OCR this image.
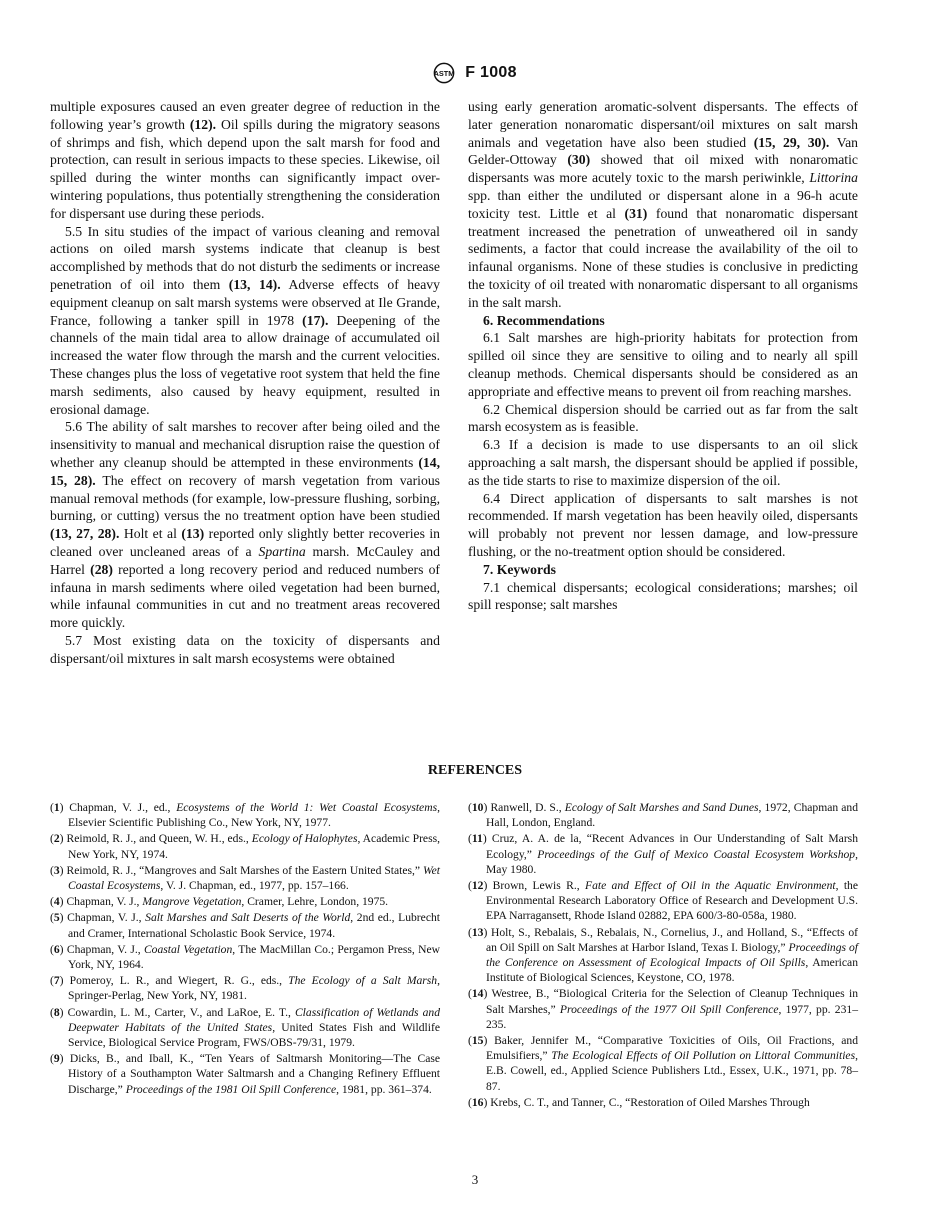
ASTM F 1008

multiple exposures caused an even greater degree of reduction in the following year’s growth (12). Oil spills during the migratory seasons of shrimps and fish, which depend upon the salt marsh for food and protection, can result in serious impacts to these species. Likewise, oil spilled during the winter months can significantly impact over-wintering populations, thus potentially strengthening the consideration for dispersant use during these periods.

5.5 In situ studies of the impact of various cleaning and removal actions on oiled marsh systems indicate that cleanup is best accomplished by methods that do not disturb the sediments or increase penetration of oil into them (13, 14). Adverse effects of heavy equipment cleanup on salt marsh systems were observed at Ile Grande, France, following a tanker spill in 1978 (17). Deepening of the channels of the main tidal area to allow drainage of accumulated oil increased the water flow through the marsh and the current velocities. These changes plus the loss of vegetative root system that held the fine marsh sediments, also caused by heavy equipment, resulted in erosional damage.

5.6 The ability of salt marshes to recover after being oiled and the insensitivity to manual and mechanical disruption raise the question of whether any cleanup should be attempted in these environments (14, 15, 28). The effect on recovery of marsh vegetation from various manual removal methods (for example, low-pressure flushing, sorbing, burning, or cutting) versus the no treatment option have been studied (13, 27, 28). Holt et al (13) reported only slightly better recoveries in cleaned over uncleaned areas of a Spartina marsh. McCauley and Harrel (28) reported a long recovery period and reduced numbers of infauna in marsh sediments where oiled vegetation had been burned, while infaunal communities in cut and no treatment areas recovered more quickly.

5.7 Most existing data on the toxicity of dispersants and dispersant/oil mixtures in salt marsh ecosystems were obtained

using early generation aromatic-solvent dispersants. The effects of later generation nonaromatic dispersant/oil mixtures on salt marsh animals and vegetation have also been studied (15, 29, 30). Van Gelder-Ottoway (30) showed that oil mixed with nonaromatic dispersants was more acutely toxic to the marsh periwinkle, Littorina spp. than either the undiluted or dispersant alone in a 96-h acute toxicity test. Little et al (31) found that nonaromatic dispersant treatment increased the penetration of unweathered oil in sandy sediments, a factor that could increase the availability of the oil to infaunal organisms. None of these studies is conclusive in predicting the toxicity of oil treated with nonaromatic dispersant to all organisms in the salt marsh.

6. Recommendations

6.1 Salt marshes are high-priority habitats for protection from spilled oil since they are sensitive to oiling and to nearly all spill cleanup methods. Chemical dispersants should be considered as an appropriate and effective means to prevent oil from reaching marshes.

6.2 Chemical dispersion should be carried out as far from the salt marsh ecosystem as is feasible.

6.3 If a decision is made to use dispersants to an oil slick approaching a salt marsh, the dispersant should be applied if possible, as the tide starts to rise to maximize dispersion of the oil.

6.4 Direct application of dispersants to salt marshes is not recommended. If marsh vegetation has been heavily oiled, dispersants will probably not prevent nor lessen damage, and low-pressure flushing, or the no-treatment option should be considered.

7. Keywords

7.1 chemical dispersants; ecological considerations; marshes; oil spill response; salt marshes

REFERENCES
(1) Chapman, V. J., ed., Ecosystems of the World 1: Wet Coastal Ecosystems, Elsevier Scientific Publishing Co., New York, NY, 1977.
(2) Reimold, R. J., and Queen, W. H., eds., Ecology of Halophytes, Academic Press, New York, NY, 1974.
(3) Reimold, R. J., “Mangroves and Salt Marshes of the Eastern United States,” Wet Coastal Ecosystems, V. J. Chapman, ed., 1977, pp. 157–166.
(4) Chapman, V. J., Mangrove Vegetation, Cramer, Lehre, London, 1975.
(5) Chapman, V. J., Salt Marshes and Salt Deserts of the World, 2nd ed., Lubrecht and Cramer, International Scholastic Book Service, 1974.
(6) Chapman, V. J., Coastal Vegetation, The MacMillan Co.; Pergamon Press, New York, NY, 1964.
(7) Pomeroy, L. R., and Wiegert, R. G., eds., The Ecology of a Salt Marsh, Springer-Perlag, New York, NY, 1981.
(8) Cowardin, L. M., Carter, V., and LaRoe, E. T., Classification of Wetlands and Deepwater Habitats of the United States, United States Fish and Wildlife Service, Biological Service Program, FWS/OBS-79/31, 1979.
(9) Dicks, B., and Iball, K., “Ten Years of Saltmarsh Monitoring—The Case History of a Southampton Water Saltmarsh and a Changing Refinery Effluent Discharge,” Proceedings of the 1981 Oil Spill Conference, 1981, pp. 361–374.
(10) Ranwell, D. S., Ecology of Salt Marshes and Sand Dunes, 1972, Chapman and Hall, London, England.
(11) Cruz, A. A. de la, “Recent Advances in Our Understanding of Salt Marsh Ecology,” Proceedings of the Gulf of Mexico Coastal Ecosystem Workshop, May 1980.
(12) Brown, Lewis R., Fate and Effect of Oil in the Aquatic Environment, the Environmental Research Laboratory Office of Research and Development U.S. EPA Narragansett, Rhode Island 02882, EPA 600/3-80-058a, 1980.
(13) Holt, S., Rebalais, S., Rebalais, N., Cornelius, J., and Holland, S., “Effects of an Oil Spill on Salt Marshes at Harbor Island, Texas I. Biology,” Proceedings of the Conference on Assessment of Ecological Impacts of Oil Spills, American Institute of Biological Sciences, Keystone, CO, 1978.
(14) Westree, B., “Biological Criteria for the Selection of Cleanup Techniques in Salt Marshes,” Proceedings of the 1977 Oil Spill Conference, 1977, pp. 231–235.
(15) Baker, Jennifer M., “Comparative Toxicities of Oils, Oil Fractions, and Emulsifiers,” The Ecological Effects of Oil Pollution on Littoral Communities, E.B. Cowell, ed., Applied Science Publishers Ltd., Essex, U.K., 1971, pp. 78–87.
(16) Krebs, C. T., and Tanner, C., “Restoration of Oiled Marshes Through
3
